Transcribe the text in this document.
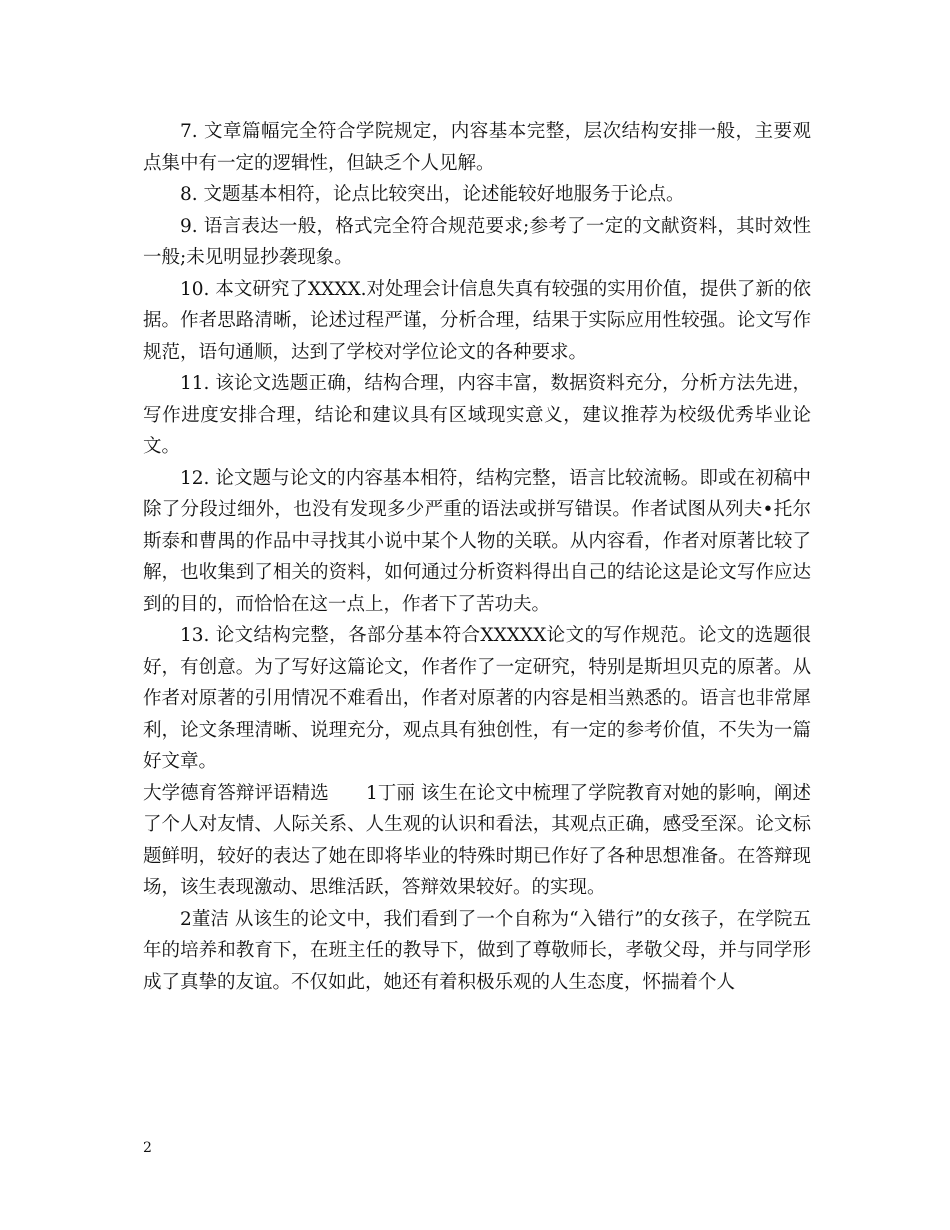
7. 文章篇幅完全符合学院规定，内容基本完整，层次结构安排一般，主要观点集中有一定的逻辑性，但缺乏个人见解。

8. 文题基本相符，论点比较突出，论述能较好地服务于论点。

9. 语言表达一般，格式完全符合规范要求;参考了一定的文献资料，其时效性一般;未见明显抄袭现象。

10. 本文研究了XXXX.对处理会计信息失真有较强的实用价值，提供了新的依据。作者思路清晰，论述过程严谨，分析合理，结果于实际应用性较强。论文写作规范，语句通顺，达到了学校对学位论文的各种要求。

11. 该论文选题正确，结构合理，内容丰富，数据资料充分，分析方法先进，写作进度安排合理，结论和建议具有区域现实意义，建议推荐为校级优秀毕业论文。

12. 论文题与论文的内容基本相符，结构完整，语言比较流畅。即或在初稿中除了分段过细外，也没有发现多少严重的语法或拼写错误。作者试图从列夫•托尔斯泰和曹禺的作品中寻找其小说中某个人物的关联。从内容看，作者对原著比较了解，也收集到了相关的资料，如何通过分析资料得出自己的结论这是论文写作应达到的目的，而恰恰在这一点上，作者下了苦功夫。

13. 论文结构完整，各部分基本符合XXXXX论文的写作规范。论文的选题很好，有创意。为了写好这篇论文，作者作了一定研究，特别是斯坦贝克的原著。从作者对原著的引用情况不难看出，作者对原著的内容是相当熟悉的。语言也非常犀利，论文条理清晰、说理充分，观点具有独创性，有一定的参考价值，不失为一篇好文章。

大学德育答辩评语精选　　1丁丽 该生在论文中梳理了学院教育对她的影响，阐述了个人对友情、人际关系、人生观的认识和看法，其观点正确，感受至深。论文标题鲜明，较好的表达了她在即将毕业的特殊时期已作好了各种思想准备。在答辩现场，该生表现激动、思维活跃，答辩效果较好。的实现。

2董洁 从该生的论文中，我们看到了一个自称为“入错行”的女孩子，在学院五年的培养和教育下，在班主任的教导下，做到了尊敬师长，孝敬父母，并与同学形成了真挚的友谊。不仅如此，她还有着积极乐观的人生态度，怀揣着个人

2
